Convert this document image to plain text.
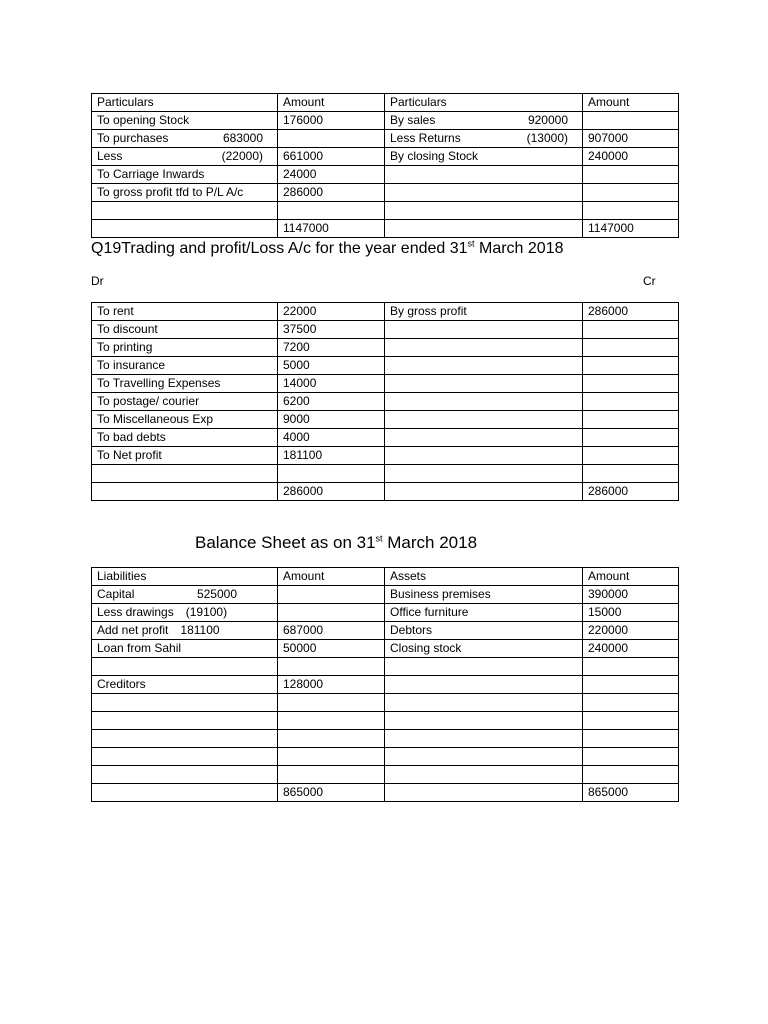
Particulars	Amount	Particulars	Amount
To opening Stock	176000	By sales 920000	

To purchases 683000		Less Returns (13000)	907000

Less (22000)	661000	By closing Stock	240000
To Carriage Inwards	24000		
To gross profit tfd to P/L A/c	286000		

	1147000		1147000
Q19Trading and profit/Loss A/c for the year ended 31st March 2018
Dr	Cr
To rent	22000	By gross profit	286000
To discount	37500		
To printing	7200		
To insurance	5000		
To Travelling Expenses	14000		
To postage/ courier	6200		
To Miscellaneous Exp	9000		
To bad debts	4000		
To Net profit	181100		

	286000		286000
Balance Sheet as on 31st March 2018
Liabilities	Amount	Assets	Amount

Capital 525000		Business premises	390000

Less drawings (19100)		Office furniture	15000

Add net profit 181100	687000	Debtors	220000
Loan from Sahil	50000	Closing stock	240000

Creditors	128000		

	865000		865000
